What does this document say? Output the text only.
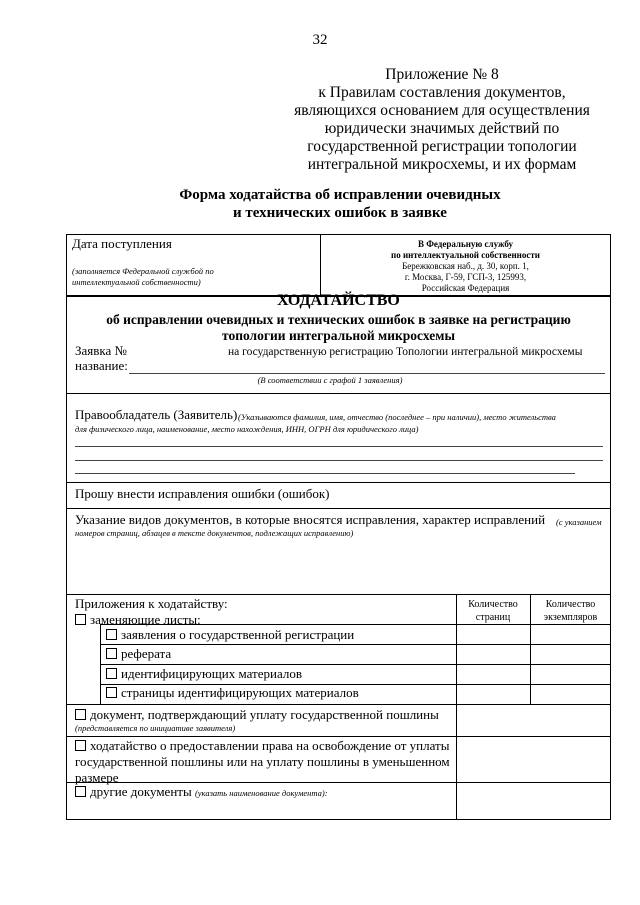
32
Приложение № 8
к Правилам составления документов,
являющихся основанием для осуществления
юридически значимых действий по
государственной регистрации топологии
интегральной микросхемы, и их формам
Форма ходатайства об исправлении очевидных
и технических ошибок в заявке
Дата поступления
(заполняется Федеральной службой по
интеллектуальной собственности)
В Федеральную службу
по интеллектуальной собственности
Бережковская наб., д. 30, корп. 1,
г. Москва, Г-59, ГСП-3, 125993,
Российская Федерация
ХОДАТАЙСТВО
об исправлении очевидных и технических ошибок в заявке на регистрацию
топологии интегральной микросхемы
Заявка №	на государственную регистрацию Топологии интегральной микросхемы
название:
(В соответствии с графой 1 заявления)
Правообладатель (Заявитель) (Указываются фамилия, имя, отчество (последнее – при наличии), место жительства
для физического лица, наименование, место нахождения, ИНН, ОГРН для юридического лица)
Прошу внести исправления ошибки (ошибок)
Указание видов документов, в которые вносятся исправления, характер исправлений (с указанием
номеров страниц, абзацев в тексте документов, подлежащих исправлению)
Приложения к ходатайству:	Количество
страниц
Количество
экземпляров
заменяющие листы:
заявления о государственной регистрации
реферата
идентифицирующих материалов
страницы идентифицирующих материалов
документ, подтверждающий уплату государственной пошлины
(представляется по инициативе заявителя)
ходатайство о предоставлении права на освобождение от уплаты
государственной пошлины или на уплату пошлины в уменьшенном
размере
другие документы (указать наименование документа):
